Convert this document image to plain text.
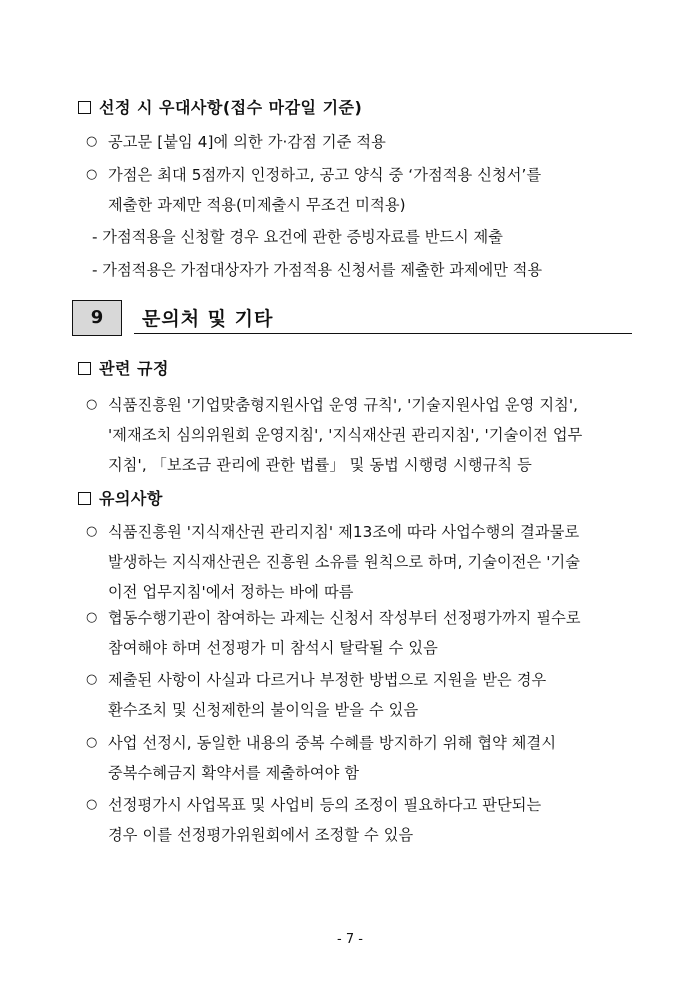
선정 시 우대사항(접수 마감일 기준)
○ 공고문 [붙임 4]에 의한 가·감점 기준 적용
○ 가점은 최대 5점까지 인정하고, 공고 양식 중 ‘가점적용 신청서’를
제출한 과제만 적용(미제출시 무조건 미적용)
- 가점적용을 신청할 경우 요건에 관한 증빙자료를 반드시 제출
- 가점적용은 가점대상자가 가점적용 신청서를 제출한 과제에만 적용
9	문의처 및 기타
관련 규정
○ 식품진흥원 '기업맞춤형지원사업 운영 규칙', '기술지원사업 운영 지침',
'제재조치 심의위원회 운영지침', '지식재산권 관리지침', '기술이전 업무
지침', 「보조금 관리에 관한 법률」 및 동법 시행령 시행규칙 등
유의사항
○ 식품진흥원 '지식재산권 관리지침' 제13조에 따라 사업수행의 결과물로
발생하는 지식재산권은 진흥원 소유를 원칙으로 하며, 기술이전은 '기술
이전 업무지침'에서 정하는 바에 따름
○ 협동수행기관이 참여하는 과제는 신청서 작성부터 선정평가까지 필수로
참여해야 하며 선정평가 미 참석시 탈락될 수 있음
○ 제출된 사항이 사실과 다르거나 부정한 방법으로 지원을 받은 경우
환수조치 및 신청제한의 불이익을 받을 수 있음
○ 사업 선정시, 동일한 내용의 중복 수혜를 방지하기 위해 협약 체결시
중복수혜금지 확약서를 제출하여야 함
○ 선정평가시 사업목표 및 사업비 등의 조정이 필요하다고 판단되는
경우 이를 선정평가위원회에서 조정할 수 있음
- 7 -
